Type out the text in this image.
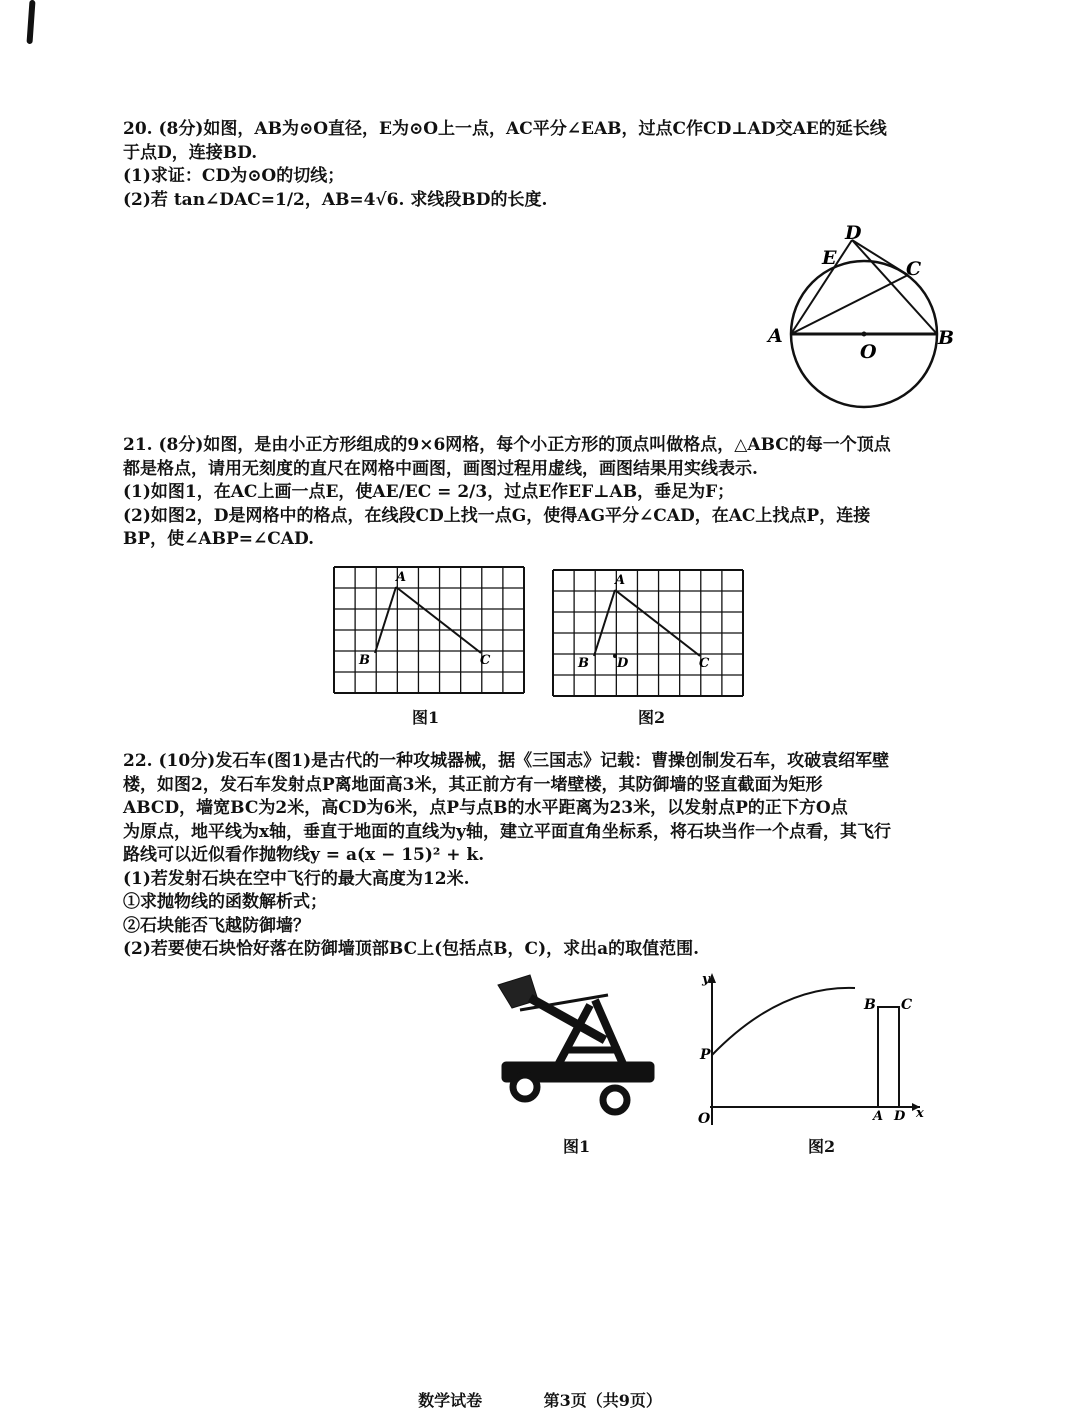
20. (8分)如图，AB为⊙O直径，E为⊙O上一点，AC平分∠EAB，过点C作CD⊥AD交AE的延长线

于点D，连接BD.

(1)求证：CD为⊙O的切线；

(2)若 tan∠DAC=1/2，AB=4√6. 求线段BD的长度.

A	B
C
D
E
O

21. (8分)如图，是由小正方形组成的9×6网格，每个小正方形的顶点叫做格点，△ABC的每一个顶点

都是格点，请用无刻度的直尺在网格中画图，画图过程用虚线，画图结果用实线表示.

(1)如图1，在AC上画一点E，使AE/EC = 2/3，过点E作EF⊥AB，垂足为F；

(2)如图2，D是网格中的格点，在线段CD上找一点G，使得AG平分∠CAD，在AC上找点P，连接

BP，使∠ABP=∠CAD.

A
B	C
图1
A
B	C
D
图2

22. (10分)发石车(图1)是古代的一种攻城器械，据《三国志》记载：曹操创制发石车，攻破袁绍军壁

楼，如图2，发石车发射点P离地面高3米，其正前方有一堵壁楼，其防御墙的竖直截面为矩形

ABCD，墙宽BC为2米，高CD为6米，点P与点B的水平距离为23米，以发射点P的正下方O点

为原点，地平线为x轴，垂直于地面的直线为y轴，建立平面直角坐标系，将石块当作一个点看，其飞行

路线可以近似看作抛物线y = a(x − 15)² + k.

(1)若发射石块在空中飞行的最大高度为12米.

①求抛物线的函数解析式；

②石块能否飞越防御墙？

(2)若要使石块恰好落在防御墙顶部BC上(包括点B，C)，求出a的取值范围.

图1
y
x
O
P
A D
B C
图2
数学试卷	第3页（共9页）
